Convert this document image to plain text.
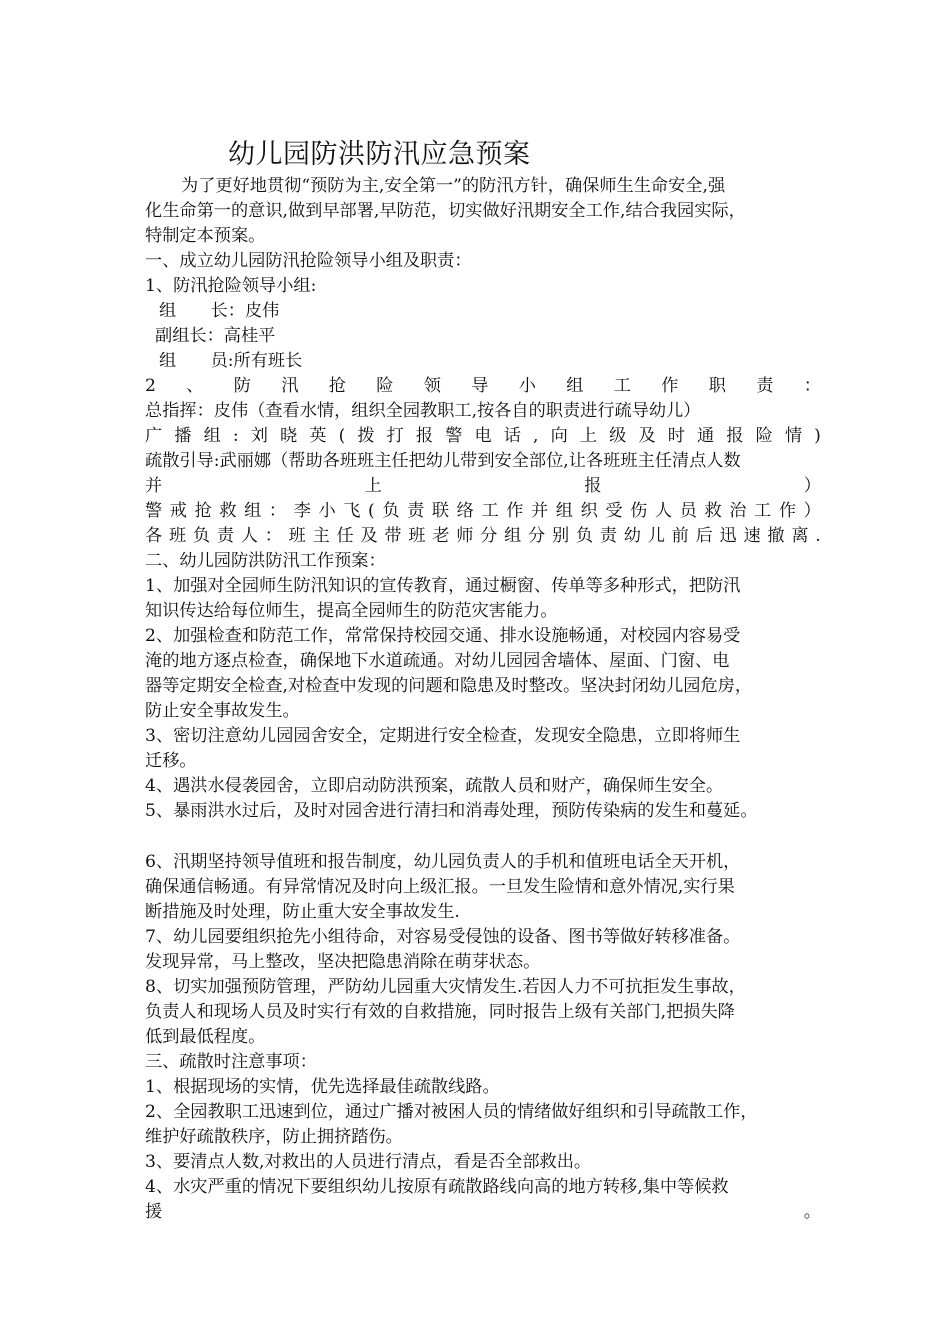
幼儿园防洪防汛应急预案
为了更好地贯彻“预防为主,安全第一”的防汛方针，确保师生生命安全,强
化生命第一的意识,做到早部署,早防范，切实做好汛期安全工作,结合我园实际，
特制定本预案。
一、成立幼儿园防汛抢险领导小组及职责：
1、防汛抢险领导小组:
组　　长：皮伟
副组长：高桂平
组　　员:所有班长
2 、 防 汛 抢 险 领 导 小 组 工 作 职 责 ：
总指挥：皮伟（查看水情，组织全园教职工,按各自的职责进行疏导幼儿）
广 播 组 : 刘 晓 英 ( 拨 打 报 警 电 话 , 向 上 级 及 时 通 报 险 情 )
疏散引导:武丽娜（帮助各班班主任把幼儿带到安全部位,让各班班主任清点人数
并	上	报	）
警 戒 抢 救 组 ： 李 小 飞 ( 负 责 联 络 工 作 并 组 织 受 伤 人 员 救 治 工 作 ）
各 班 负 责 人 ： 班 主 任 及 带 班 老 师 分 组 分 别 负 责 幼 儿 前 后 迅 速 撤 离 .
二、幼儿园防洪防汛工作预案：
1、加强对全园师生防汛知识的宣传教育，通过橱窗、传单等多种形式，把防汛
知识传达给每位师生，提高全园师生的防范灾害能力。
2、加强检查和防范工作，常常保持校园交通、排水设施畅通，对校园内容易受
淹的地方逐点检查，确保地下水道疏通。对幼儿园园舍墙体、屋面、门窗、电
器等定期安全检查,对检查中发现的问题和隐患及时整改。坚决封闭幼儿园危房，
防止安全事故发生。
3、密切注意幼儿园园舍安全，定期进行安全检查，发现安全隐患，立即将师生
迁移。
4、遇洪水侵袭园舍，立即启动防洪预案，疏散人员和财产，确保师生安全。
5、暴雨洪水过后，及时对园舍进行清扫和消毒处理，预防传染病的发生和蔓延。
6、汛期坚持领导值班和报告制度，幼儿园负责人的手机和值班电话全天开机，
确保通信畅通。有异常情况及时向上级汇报。一旦发生险情和意外情况,实行果
断措施及时处理，防止重大安全事故发生.
7、幼儿园要组织抢先小组待命，对容易受侵蚀的设备、图书等做好转移准备。
发现异常，马上整改，坚决把隐患消除在萌芽状态。
8、切实加强预防管理，严防幼儿园重大灾情发生.若因人力不可抗拒发生事故，
负责人和现场人员及时实行有效的自救措施，同时报告上级有关部门,把损失降
低到最低程度。
三、疏散时注意事项：
1、根据现场的实情，优先选择最佳疏散线路。
2、全园教职工迅速到位，通过广播对被困人员的情绪做好组织和引导疏散工作，
维护好疏散秩序，防止拥挤踏伤。
3、要清点人数,对救出的人员进行清点，看是否全部救出。
4、水灾严重的情况下要组织幼儿按原有疏散路线向高的地方转移,集中等候救
援	。
